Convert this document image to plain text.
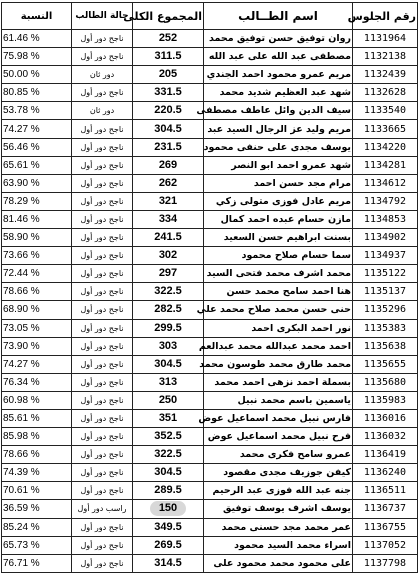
رقم الجلوس	اسم الطــالب	المجموع الكلى	حالة الطالب	النسبة
1131964	روان توفيق حسن توفيق محمد	252	ناجح دور أول	61.46 %
1132138	مصطفى عبد الله على عبد الله	311.5	ناجح دور أول	75.98 %
1132439	مريم عمرو محمود احمد الجندي	205	دور ثان	50.00 %
1132628	شهد عبد العظيم شديد محمد	331.5	ناجح دور أول	80.85 %
1133540	سيف الدين وائل عاطف مصطفى	220.5	دور ثان	53.78 %
1133665	مريم وليد عز الرجال السيد عبد	304.5	ناجح دور أول	74.27 %
1134220	يوسف مجدى على حنفى محمود	231.5	ناجح دور أول	56.46 %
1134281	شهد عمرو احمد ابو النصر	269	ناجح دور أول	65.61 %
1134612	مرام مجد حسن احمد	262	ناجح دور أول	63.90 %
1134792	مريم عادل فوزى متولى زكي	321	ناجح دور أول	78.29 %
1134853	مازن حسام عبده احمد كمال	334	ناجح دور أول	81.46 %
1134902	بسنت ابراهيم حسن السعيد	241.5	ناجح دور أول	58.90 %
1134937	سما حسام صلاح محمود	302	ناجح دور أول	73.66 %
1135122	محمد اشرف محمد فتحى السيد	297	ناجح دور أول	72.44 %
1135137	هنا احمد سامح محمد حسن	322.5	ناجح دور أول	78.66 %
1135296	حنى حسن محمد صلاح محمد علي	282.5	ناجح دور أول	68.90 %
1135383	نور احمد البكرى احمد	299.5	ناجح دور أول	73.05 %
1135638	احمد محمد عبدالله محمد عبدالعم	303	ناجح دور أول	73.90 %
1135655	محمد طارق محمد طوسون محمد	304.5	ناجح دور أول	74.27 %
1135680	بسملة احمد نزهى احمد محمد	313	ناجح دور أول	76.34 %
1135983	ياسمين باسم محمد نبيل	250	ناجح دور أول	60.98 %
1136016	فارس نبيل محمد اسماعيل عوض	351	ناجح دور أول	85.61 %
1136032	فرح نبيل محمد اسماعيل عوض	352.5	ناجح دور أول	85.98 %
1136419	عمرو سامح فكرى محمد	322.5	ناجح دور أول	78.66 %
1136240	كيفن جوزيف مجدى مقصود	304.5	ناجح دور أول	74.39 %
1136511	جنه عبد الله فوزى عبد الرحيم	289.5	ناجح دور أول	70.61 %
1136737	يوسف اشرف يوسف توفيق	150	راسب دور أول	36.59 %
1136755	عمر محمد مجد حسنى محمد	349.5	ناجح دور أول	85.24 %
1137052	اسراء محمد السيد محمود	269.5	ناجح دور أول	65.73 %
1137798	على محمود محمد محمود على	314.5	ناجح دور أول	76.71 %
